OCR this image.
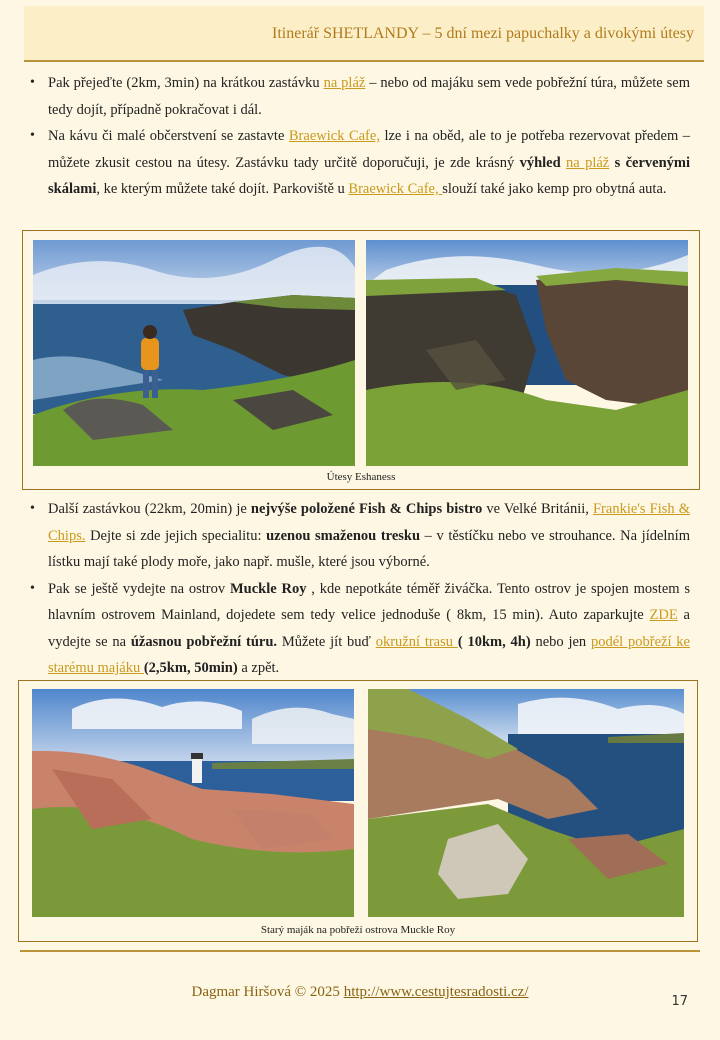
Itinerář SHETLANDY – 5 dní mezi papuchalky a divokými útesy
• Pak přejeďte (2km, 3min) na krátkou zastávku na pláž – nebo od majáku sem vede pobřežní túra, můžete sem tedy dojít, případně pokračovat i dál.
• Na kávu či malé občerstvení se zastavte Braewick Cafe, lze i na oběd, ale to je potřeba rezervovat předem – můžete zkusit cestou na útesy. Zastávku tady určitě doporučuji, je zde krásný výhled na pláž s červenými skálami, ke kterým můžete také dojít. Parkoviště u Braewick Cafe, slouží také jako kemp pro obytná auta.
Útesy Eshaness
• Další zastávkou (22km, 20min) je nejvýše položené Fish & Chips bistro ve Velké Británii, Frankie's Fish & Chips. Dejte si zde jejich specialitu: uzenou smaženou tresku – v těstíčku nebo ve strouhance. Na jídelním lístku mají také plody moře, jako např. mušle, které jsou výborné.
• Pak se ještě vydejte na ostrov Muckle Roy , kde nepotkáte téměř živáčka. Tento ostrov je spojen mostem s hlavním ostrovem Mainland, dojedete sem tedy velice jednoduše ( 8km, 15 min). Auto zaparkujte ZDE a vydejte se na úžasnou pobřežní túru. Můžete jít buď okružní trasu ( 10km, 4h) nebo jen podél pobřeží ke starému majáku (2,5km, 50min) a zpět.
Starý maják na pobřeží ostrova Muckle Roy
Dagmar Hiršová © 2025 http://www.cestujtesradosti.cz/
17
